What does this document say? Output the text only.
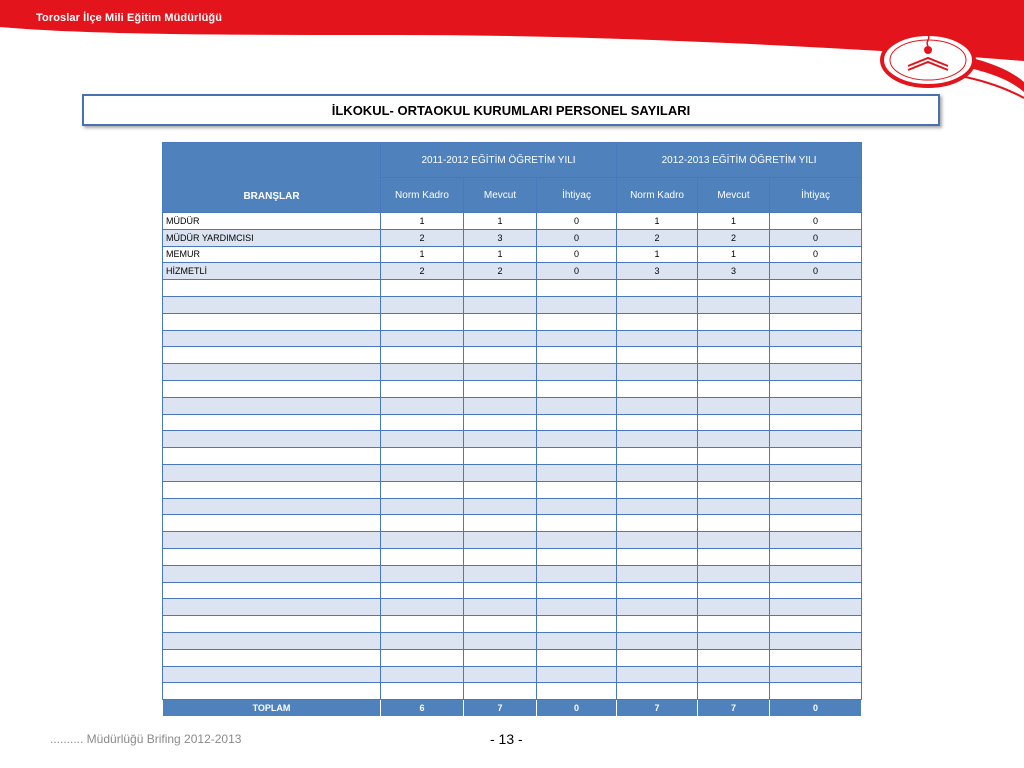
Toroslar İlçe Mili Eğitim Müdürlüğü
İLKOKUL- ORTAOKUL KURUMLARI PERSONEL SAYILARI
BRANŞLAR	2011-2012 EĞİTİM ÖĞRETİM YILI			2012-2013 EĞİTİM ÖĞRETİM YILI		
	Norm Kadro	Mevcut	İhtiyaç	Norm Kadro	Mevcut	İhtiyaç
MÜDÜR	1	1	0	1	1	0
MÜDÜR YARDIMCISI	2	3	0	2	2	0
MEMUR	1	1	0	1	1	0
HİZMETLİ	2	2	0	3	3	0

TOPLAM	6	7	0	7	7	0
.......... Müdürlüğü Brifing 2012-2013	- 13 -
